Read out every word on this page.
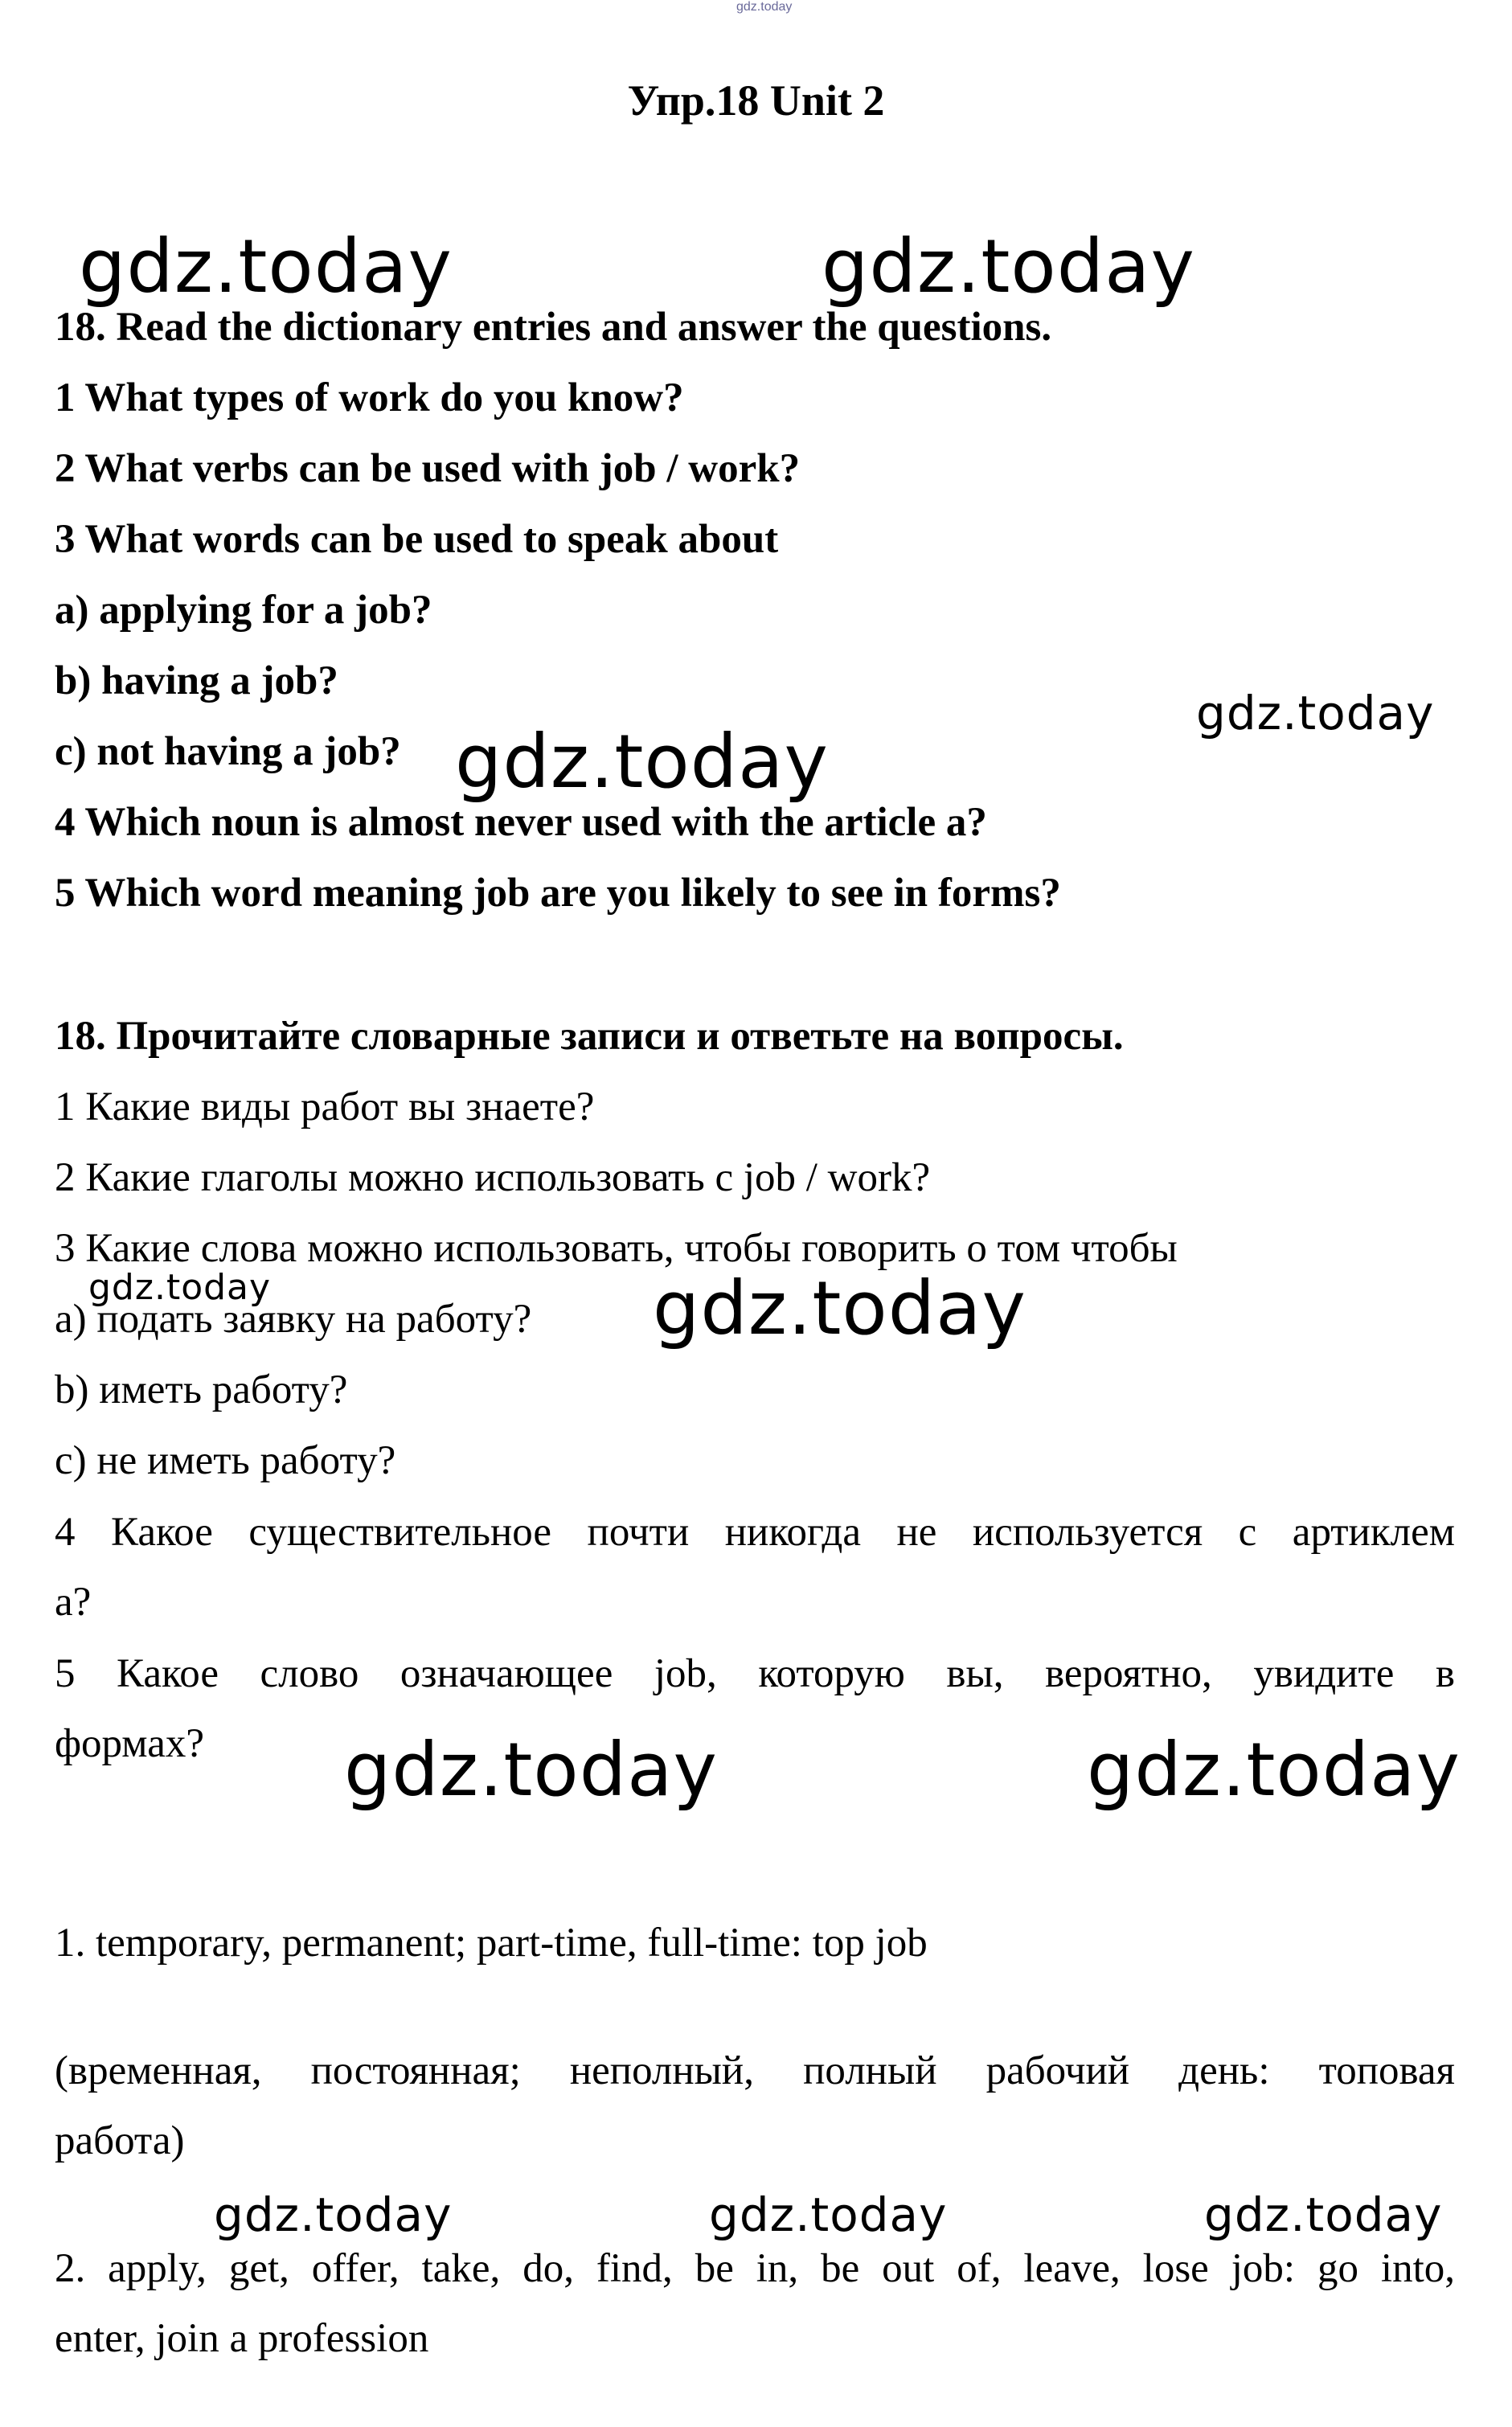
gdz.today
Упр.18 Unit 2
gdz.today	gdz.today
18. Read the dictionary entries and answer the questions.
1 What types of work do you know?
2 What verbs can be used with job / work?
3 What words can be used to speak about
a) applying for a job?
b) having a job?
c) not having a job?
4 Which noun is almost never used with the article a?
5 Which word meaning job are you likely to see in forms?
gdz.today
gdz.today
18. Прочитайте словарные записи и ответьте на вопросы.
1 Какие виды работ вы знаете?
2 Какие глаголы можно использовать с job / work?
3 Какие слова можно использовать, чтобы говорить о том чтобы
a) подать заявку на работу?
b) иметь работу?
c) не иметь работу?
4 Какое существительное почти никогда не используется с артиклем
a?
5 Какое слово означающее job, которую вы, вероятно, увидите в
формах?
gdz.today	gdz.today
gdz.today	gdz.today
1. temporary, permanent; part-time, full-time: top job
(временная, постоянная; неполный, полный рабочий день: топовая
работа)
gdz.today	gdz.today	gdz.today
2. apply, get, offer, take, do, find, be in, be out of, leave, lose job: go into,
enter, join a profession
